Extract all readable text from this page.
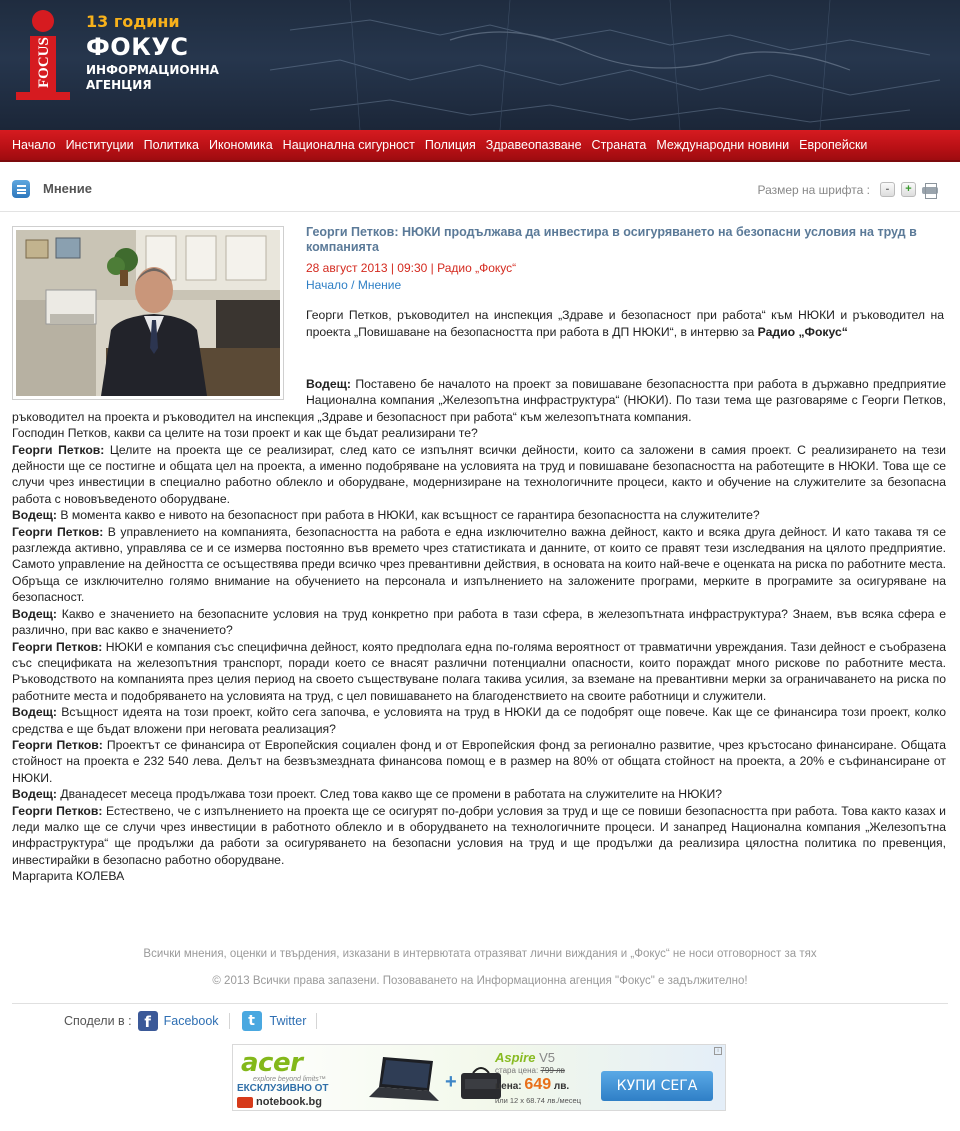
FOCUS
13 години
ФОКУС
ИНФОРМАЦИОННА
АГЕНЦИЯ
Начало Институции Политика Икономика Национална сигурност Полиция Здравеопазване Страната Международни новини Европейски
Мнение	Размер на шрифта :	-	+
Георги Петков: НЮКИ продължава да инвестира в осигуряването на безопасни условия на труд в компанията
28 август 2013 | 09:30 | Радио „Фокус“
Начало / Мнение
Георги Петков, ръководител на инспекция „Здраве и безопасност при работа“ към НЮКИ и ръководител на проекта „Повишаване на безопасността при работа в ДП НЮКИ“, в интервю за Радио „Фокус“

Водещ: Поставено бе началото на проект за повишаване безопасността при работа в държавно предприятие Национална компания „Железопътна инфраструктура“ (НЮКИ). По тази тема ще разговаряме с Георги Петков, ръководител на проекта и ръководител на инспекция „Здраве и безопасност при работа“ към железопътната компания.

Господин Петков, какви са целите на този проект и как ще бъдат реализирани те?

Георги Петков: Целите на проекта ще се реализират, след като се изпълнят всички дейности, които са заложени в самия проект. С реализирането на тези дейности ще се постигне и общата цел на проекта, а именно подобряване на условията на труд и повишаване безопасността на работещите в НЮКИ. Това ще се случи чрез инвестиции в специално работно облекло и оборудване, модернизиране на технологичните процеси, както и обучение на служителите за безопасна работа с нововъведеното оборудване.

Водещ: В момента какво е нивото на безопасност при работа в НЮКИ, как всъщност се гарантира безопасността на служителите?

Георги Петков: В управлението на компанията, безопасността на работа е една изключително важна дейност, както и всяка друга дейност. И като такава тя се разглежда активно, управлява се и се измерва постоянно във времето чрез статистиката и данните, от които се правят тези изследвания на цялото предприятие. Самото управление на дейността се осъществява преди всичко чрез превантивни действия, в основата на които най-вече е оценката на риска по работните места. Обръща се изключително голямо внимание на обучението на персонала и изпълнението на заложените програми, мерките в програмите за осигуряване на безопасност.

Водещ: Какво е значението на безопасните условия на труд конкретно при работа в тази сфера, в железопътната инфраструктура? Знаем, във всяка сфера е различно, при вас какво е значението?

Георги Петков: НЮКИ е компания със специфична дейност, която предполага една по-голяма вероятност от травматични увреждания. Тази дейност е съобразена със спецификата на железопътния транспорт, поради което се внасят различни потенциални опасности, които пораждат много рискове по работните места. Ръководството на компанията през целия период на своето съществуване полага такива усилия, за вземане на превантивни мерки за ограничаването на риска по работните места и подобряването на условията на труд, с цел повишаването на благоденствието на своите работници и служители.

Водещ: Всъщност идеята на този проект, който сега започва, е условията на труд в НЮКИ да се подобрят още повече. Как ще се финансира този проект, колко средства е ще бъдат вложени при неговата реализация?

Георги Петков: Проектът се финансира от Европейския социален фонд и от Европейския фонд за регионално развитие, чрез кръстосано финансиране. Общата стойност на проекта е 232 540 лева. Делът на безвъзмездната финансова помощ е в размер на 80% от общата стойност на проекта, а 20% е съфинансиране от НЮКИ.

Водещ: Дванадесет месеца продължава този проект. След това какво ще се промени в работата на служителите на НЮКИ?

Георги Петков: Естествено, че с изпълнението на проекта ще се осигурят по-добри условия за труд и ще се повиши безопасността при работа. Това както казах и леди малко ще се случи чрез инвестиции в работното облекло и в оборудването на технологичните процеси. И занапред Национална компания „Железопътна инфраструктура“ ще продължи да работи за осигуряването на безопасни условия на труд и ще продължи да реализира цялостна политика по превенция, инвестирайки в безопасно работно оборудване.

Маргарита КОЛЕВА

Всички мнения, оценки и твърдения, изказани в интервютата отразяват лични виждания и „Фокус“ не носи отговорност за тях
© 2013 Всички права запазени. Позоваването на Информационна агенция "Фокус" е задължително!
Сподели в : f	Facebook	t	Twitter
acer
explore beyond limits™
ЕКСКЛУЗИВНО ОТ
notebook.bg
+
Aspire V5
стара цена: 799 лв
цена: 649 лв.
или 12 х 68.74 лв./месец
КУПИ СЕГА
i
